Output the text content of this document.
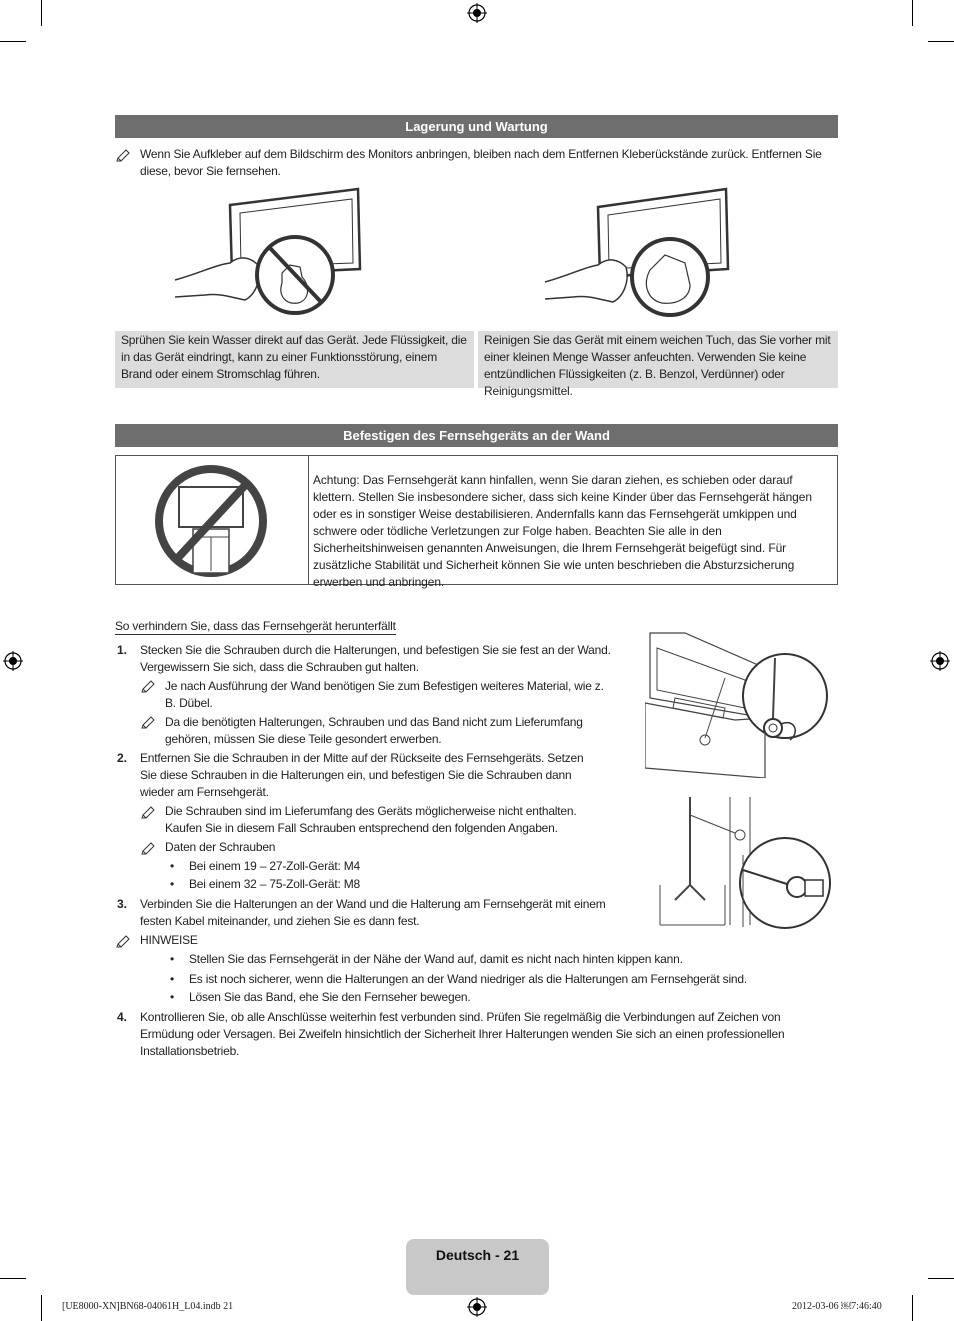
Lagerung und Wartung
Wenn Sie Aufkleber auf dem Bildschirm des Monitors anbringen, bleiben nach dem Entfernen Kleberückstände zurück. Entfernen Sie diese, bevor Sie fernsehen.
Sprühen Sie kein Wasser direkt auf das Gerät. Jede Flüssigkeit, die in das Gerät eindringt, kann zu einer Funktionsstörung, einem Brand oder einem Stromschlag führen.
Reinigen Sie das Gerät mit einem weichen Tuch, das Sie vorher mit einer kleinen Menge Wasser anfeuchten. Verwenden Sie keine entzündlichen Flüssigkeiten (z. B. Benzol, Verdünner) oder Reinigungsmittel.
Befestigen des Fernsehgeräts an der Wand
Achtung: Das Fernsehgerät kann hinfallen, wenn Sie daran ziehen, es schieben oder darauf klettern. Stellen Sie insbesondere sicher, dass sich keine Kinder über das Fernsehgerät hängen oder es in sonstiger Weise destabilisieren. Andernfalls kann das Fernsehgerät umkippen und schwere oder tödliche Verletzungen zur Folge haben. Beachten Sie alle in den Sicherheitshinweisen genannten Anweisungen, die Ihrem Fernsehgerät beigefügt sind. Für zusätzliche Stabilität und Sicherheit können Sie wie unten beschrieben die Absturzsicherung erwerben und anbringen.
So verhindern Sie, dass das Fernsehgerät herunterfällt
1. Stecken Sie die Schrauben durch die Halterungen, und befestigen Sie sie fest an der Wand. Vergewissern Sie sich, dass die Schrauben gut halten.
Je nach Ausführung der Wand benötigen Sie zum Befestigen weiteres Material, wie z. B. Dübel.
Da die benötigten Halterungen, Schrauben und das Band nicht zum Lieferumfang gehören, müssen Sie diese Teile gesondert erwerben.
2. Entfernen Sie die Schrauben in der Mitte auf der Rückseite des Fernsehgeräts. Setzen Sie diese Schrauben in die Halterungen ein, und befestigen Sie die Schrauben dann wieder am Fernsehgerät.
Die Schrauben sind im Lieferumfang des Geräts möglicherweise nicht enthalten. Kaufen Sie in diesem Fall Schrauben entsprechend den folgenden Angaben.
Daten der Schrauben
• Bei einem 19 – 27-Zoll-Gerät: M4
• Bei einem 32 – 75-Zoll-Gerät: M8
3. Verbinden Sie die Halterungen an der Wand und die Halterung am Fernsehgerät mit einem festen Kabel miteinander, und ziehen Sie es dann fest.
HINWEISE
• Stellen Sie das Fernsehgerät in der Nähe der Wand auf, damit es nicht nach hinten kippen kann.
• Es ist noch sicherer, wenn die Halterungen an der Wand niedriger als die Halterungen am Fernsehgerät sind.
• Lösen Sie das Band, ehe Sie den Fernseher bewegen.
4. Kontrollieren Sie, ob alle Anschlüsse weiterhin fest verbunden sind. Prüfen Sie regelmäßig die Verbindungen auf Zeichen von Ermüdung oder Versagen. Bei Zweifeln hinsichtlich der Sicherheit Ihrer Halterungen wenden Sie sich an einen professionellen Installationsbetrieb.
Deutsch - 21
[UE8000-XN]BN68-04061H_L04.indb 21	2012-03-06 ￼7:46:40
